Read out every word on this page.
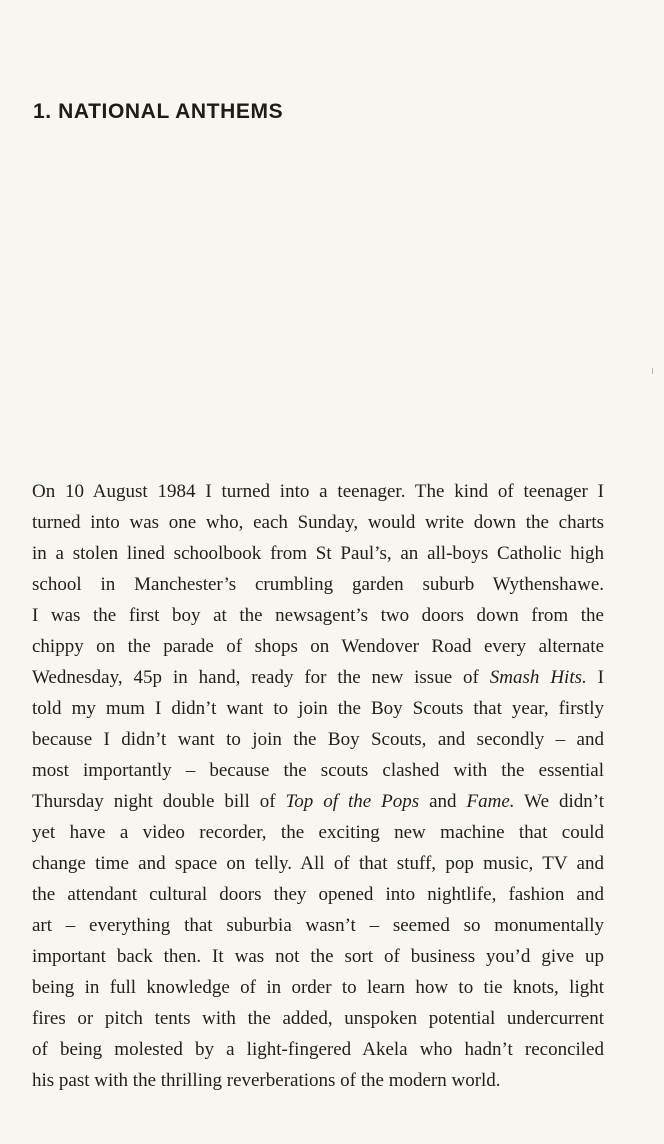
1. NATIONAL ANTHEMS
On 10 August 1984 I turned into a teenager. The kind of teenager I
turned into was one who, each Sunday, would write down the charts
in a stolen lined schoolbook from St Paul’s, an all-boys Catholic high
school in Manchester’s crumbling garden suburb Wythenshawe.
I was the first boy at the newsagent’s two doors down from the
chippy on the parade of shops on Wendover Road every alternate
Wednesday, 45p in hand, ready for the new issue of Smash Hits. I
told my mum I didn’t want to join the Boy Scouts that year, firstly
because I didn’t want to join the Boy Scouts, and secondly – and
most importantly – because the scouts clashed with the essential
Thursday night double bill of Top of the Pops and Fame. We didn’t
yet have a video recorder, the exciting new machine that could
change time and space on telly. All of that stuff, pop music, TV and
the attendant cultural doors they opened into nightlife, fashion and
art – everything that suburbia wasn’t – seemed so monumentally
important back then. It was not the sort of business you’d give up
being in full knowledge of in order to learn how to tie knots, light
fires or pitch tents with the added, unspoken potential undercurrent
of being molested by a light-fingered Akela who hadn’t reconciled
his past with the thrilling reverberations of the modern world.
